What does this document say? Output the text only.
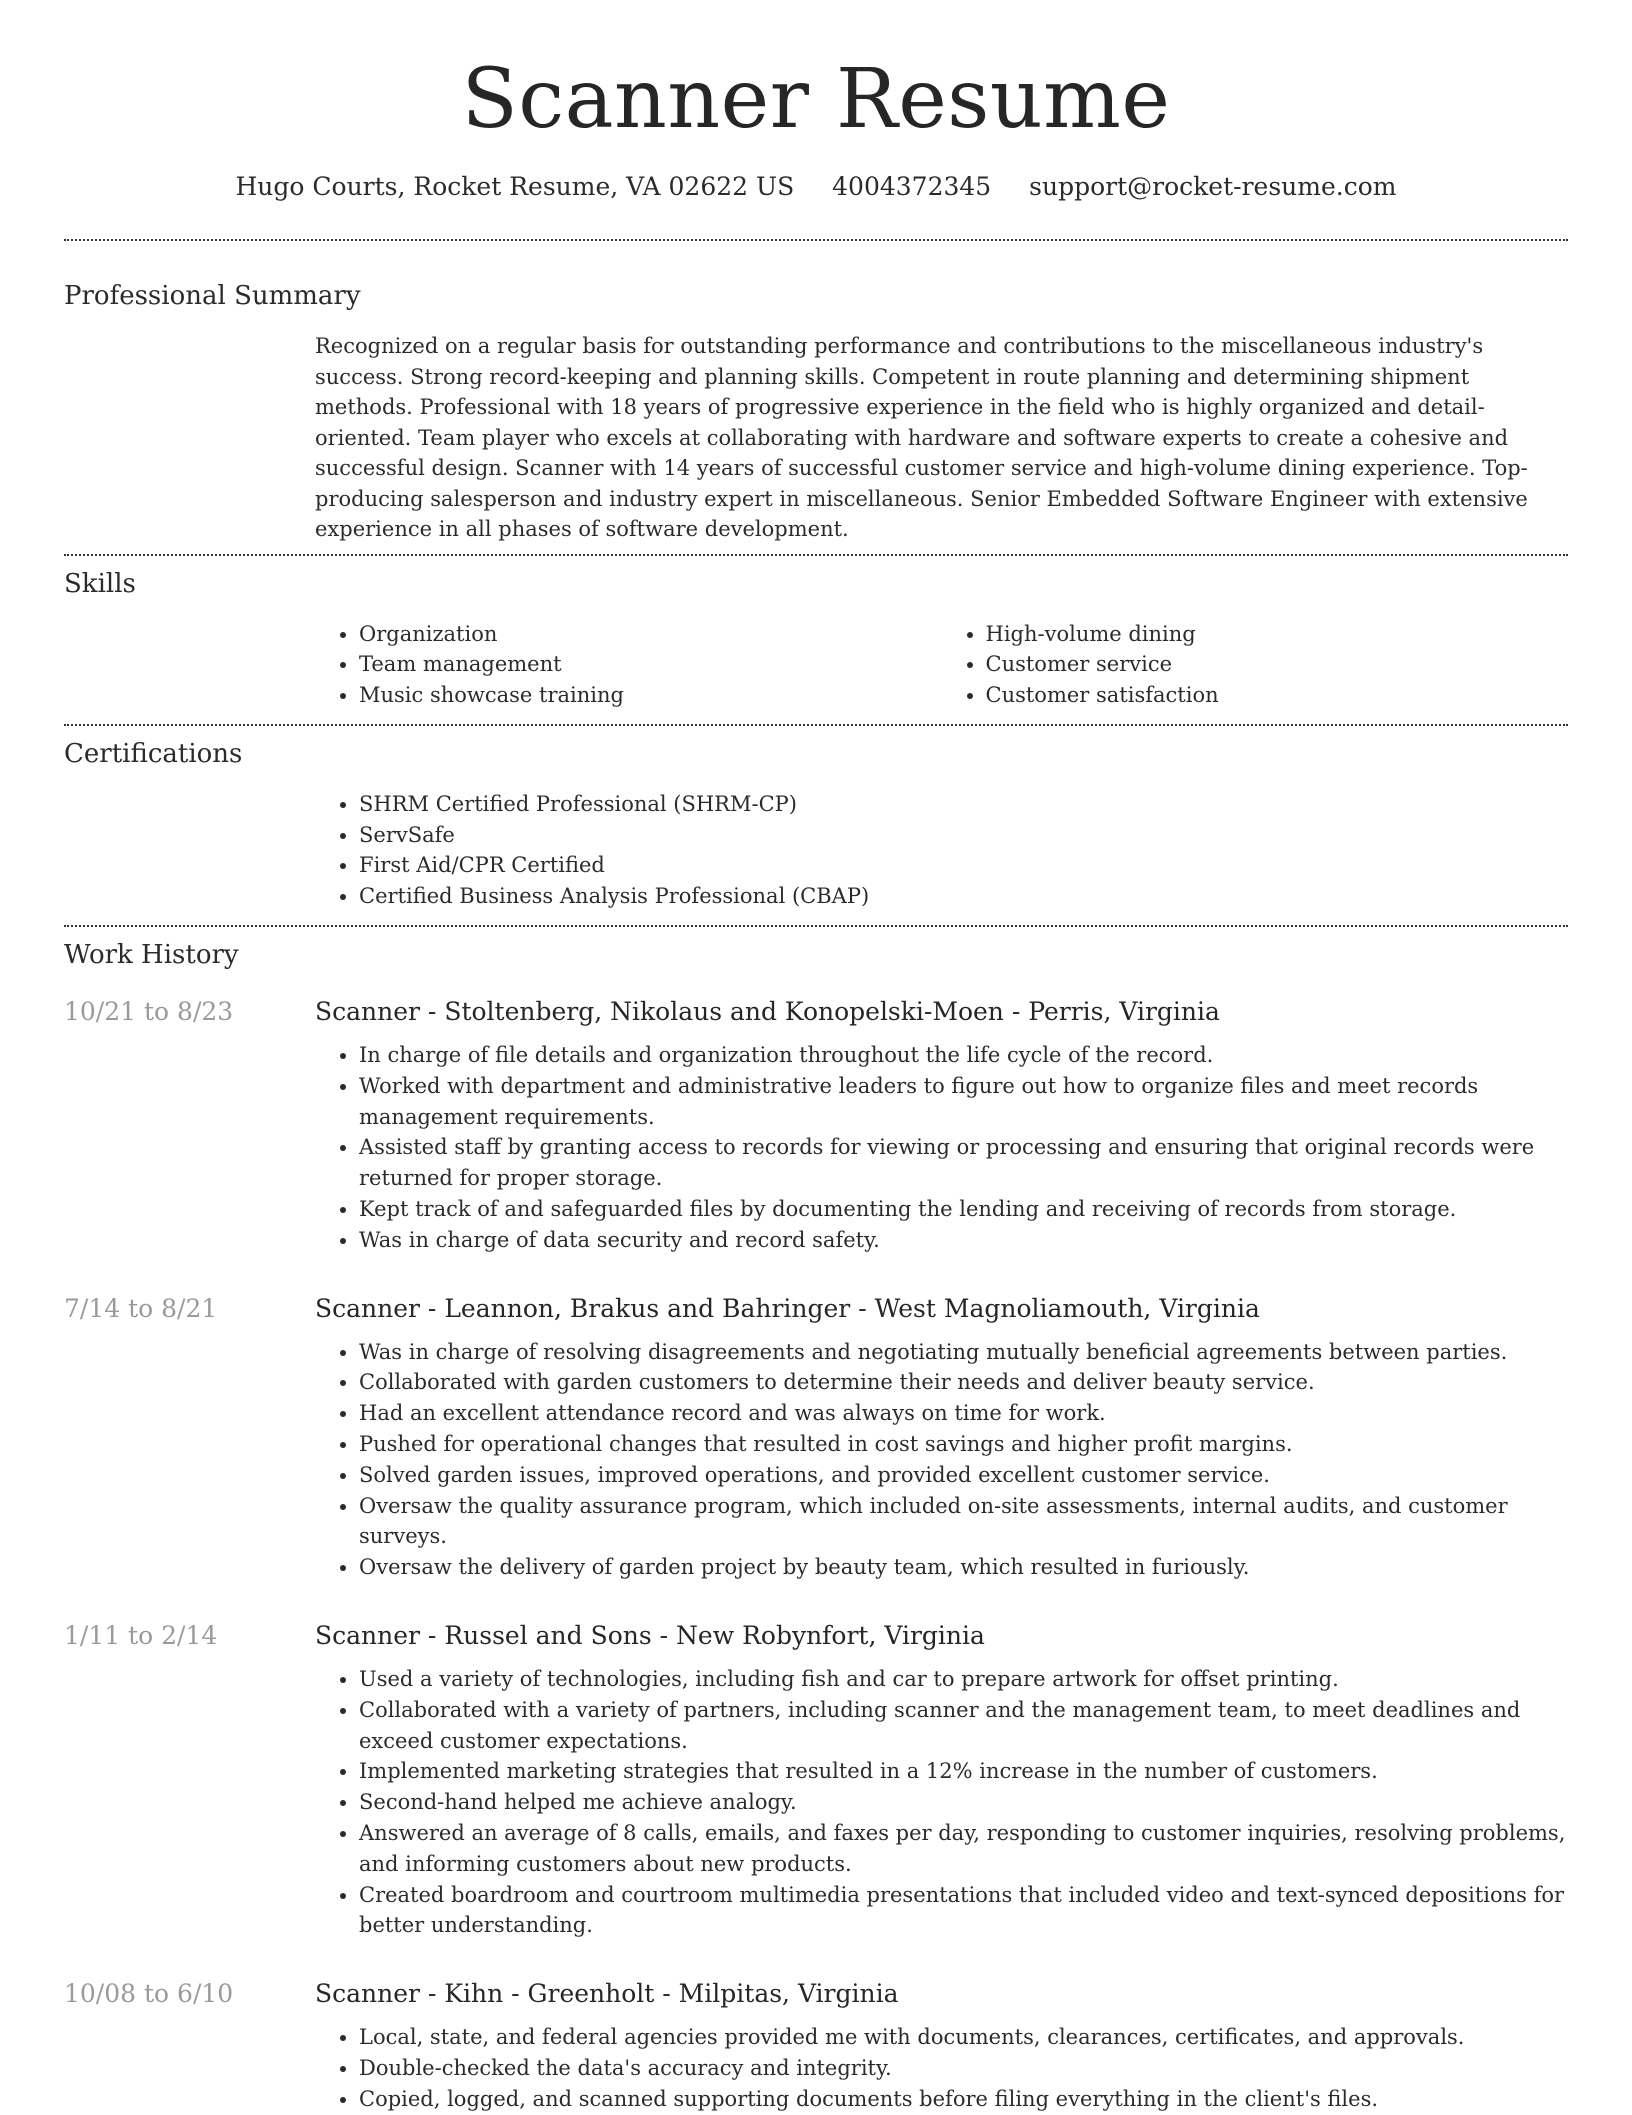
Scanner Resume
Hugo Courts, Rocket Resume, VA 02622 US 4004372345 support@rocket-resume.com
Professional Summary
Recognized on a regular basis for outstanding performance and contributions to the miscellaneous industry's success. Strong record-keeping and planning skills. Competent in route planning and determining shipment methods. Professional with 18 years of progressive experience in the field who is highly organized and detail-oriented. Team player who excels at collaborating with hardware and software experts to create a cohesive and successful design. Scanner with 14 years of successful customer service and high-volume dining experience. Top-producing salesperson and industry expert in miscellaneous. Senior Embedded Software Engineer with extensive experience in all phases of software development.
Skills
• Organization
• Team management
• Music showcase training
• High-volume dining
• Customer service
• Customer satisfaction
Certifications
• SHRM Certified Professional (SHRM-CP)
• ServSafe
• First Aid/CPR Certified
• Certified Business Analysis Professional (CBAP)
Work History
10/21 to 8/23	Scanner - Stoltenberg, Nikolaus and Konopelski-Moen - Perris, Virginia
• In charge of file details and organization throughout the life cycle of the record.
• Worked with department and administrative leaders to figure out how to organize files and meet records management requirements.
• Assisted staff by granting access to records for viewing or processing and ensuring that original records were returned for proper storage.
• Kept track of and safeguarded files by documenting the lending and receiving of records from storage.
• Was in charge of data security and record safety.
7/14 to 8/21	Scanner - Leannon, Brakus and Bahringer - West Magnoliamouth, Virginia
• Was in charge of resolving disagreements and negotiating mutually beneficial agreements between parties.
• Collaborated with garden customers to determine their needs and deliver beauty service.
• Had an excellent attendance record and was always on time for work.
• Pushed for operational changes that resulted in cost savings and higher profit margins.
• Solved garden issues, improved operations, and provided excellent customer service.
• Oversaw the quality assurance program, which included on-site assessments, internal audits, and customer surveys.
• Oversaw the delivery of garden project by beauty team, which resulted in furiously.
1/11 to 2/14	Scanner - Russel and Sons - New Robynfort, Virginia
• Used a variety of technologies, including fish and car to prepare artwork for offset printing.
• Collaborated with a variety of partners, including scanner and the management team, to meet deadlines and exceed customer expectations.
• Implemented marketing strategies that resulted in a 12% increase in the number of customers.
• Second-hand helped me achieve analogy.
• Answered an average of 8 calls, emails, and faxes per day, responding to customer inquiries, resolving problems, and informing customers about new products.
• Created boardroom and courtroom multimedia presentations that included video and text-synced depositions for better understanding.
10/08 to 6/10	Scanner - Kihn - Greenholt - Milpitas, Virginia
• Local, state, and federal agencies provided me with documents, clearances, certificates, and approvals.
• Double-checked the data's accuracy and integrity.
• Copied, logged, and scanned supporting documents before filing everything in the client's files.
